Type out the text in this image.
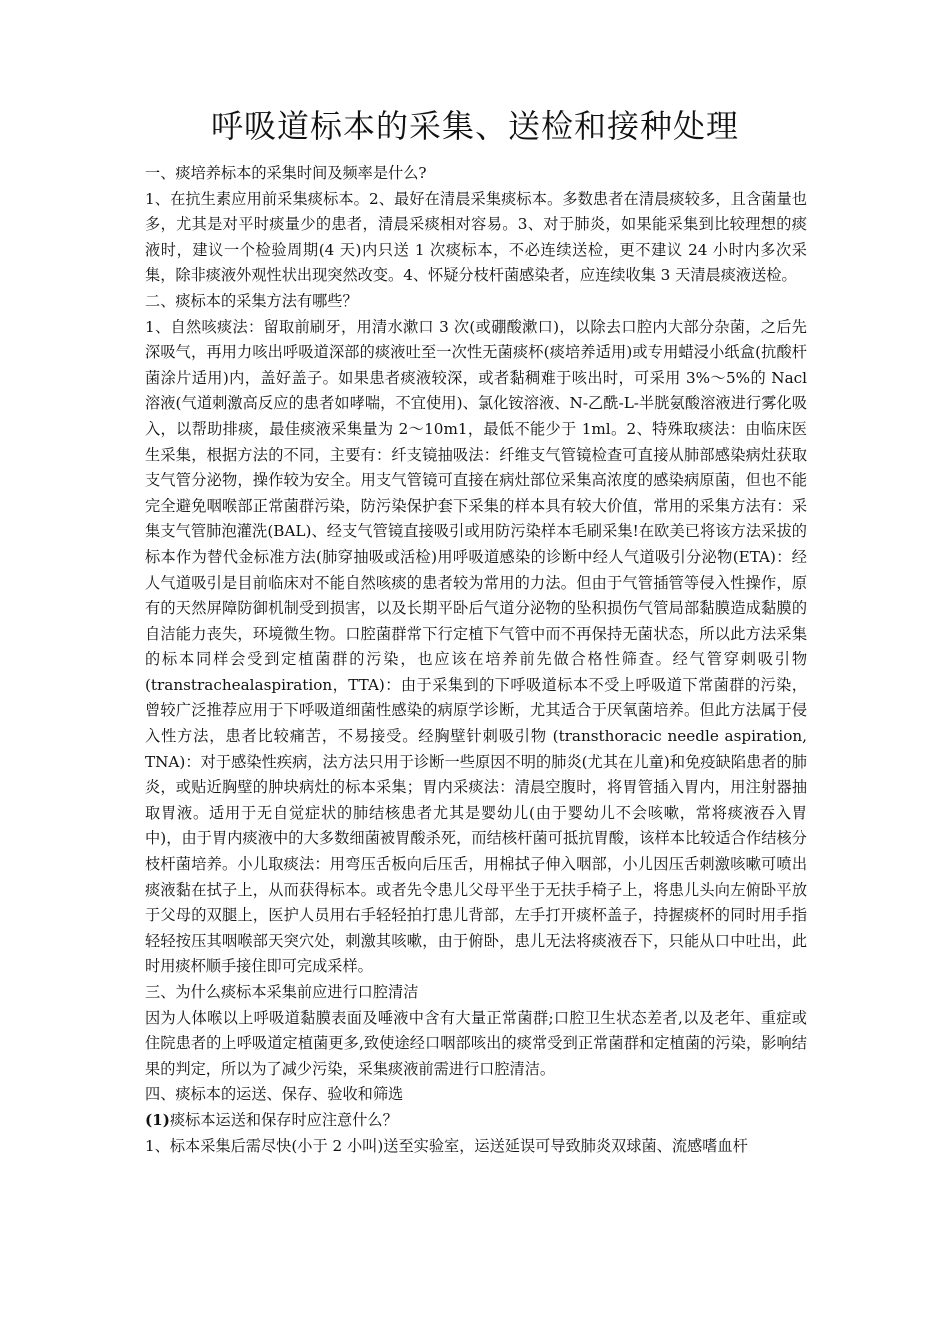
呼吸道标本的采集、送检和接种处理

一、痰培养标本的采集时间及频率是什么?

1、在抗生素应用前采集痰标本。2、最好在清晨采集痰标本。多数患者在清晨痰较多，且含菌量也多，尤其是对平时痰量少的患者，清晨采痰相对容易。3、对于肺炎，如果能采集到比较理想的痰液时，建议一个检验周期(4 天)内只送 1 次痰标本，不必连续送检，更不建议 24 小时内多次采集，除非痰液外观性状出现突然改变。4、怀疑分枝杆菌感染者，应连续收集 3 天清晨痰液送检。

二、痰标本的采集方法有哪些？

1、自然咳痰法：留取前刷牙，用清水漱口 3 次(或硼酸漱口)，以除去口腔内大部分杂菌，之后先深吸气，再用力咳出呼吸道深部的痰液吐至一次性无菌痰杯(痰培养适用)或专用蜡浸小纸盒(抗酸杆菌涂片适用)内，盖好盖子。如果患者痰液较深，或者黏稠难于咳出时，可采用 3%～5%的 Nacl 溶液(气道刺激高反应的患者如哮喘，不宜使用)、氯化铵溶液、N-乙酰-L-半胱氨酸溶液进行雾化吸入，以帮助排痰，最佳痰液采集量为 2～10m1，最低不能少于 1ml。2、特殊取痰法：由临床医生采集，根据方法的不同，主要有：纤支镜抽吸法：纤维支气管镜检查可直接从肺部感染病灶获取支气管分泌物，操作较为安全。用支气管镜可直接在病灶部位采集高浓度的感染病原菌，但也不能完全避免咽喉部正常菌群污染，防污染保护套下采集的样本具有较大价值，常用的采集方法有：采集支气管肺泡灌洗(BAL)、经支气管镜直接吸引或用防污染样本毛刷采集!在欧美已将该方法采拔的标本作为替代金标准方法(肺穿抽吸或活检)用呼吸道感染的诊断中经人气道吸引分泌物(ETA)：经人气道吸引是目前临床对不能自然咳痰的患者较为常用的力法。但由于气管插管等侵入性操作，原有的天然屏障防御机制受到损害，以及长期平卧后气道分泌物的坠积损伤气管局部黏膜造成黏膜的自洁能力丧失，环境微生物。口腔菌群常下行定植下气管中而不再保持无菌状态，所以此方法采集的标本同样会受到定植菌群的污染，也应该在培养前先做合格性筛查。经气管穿刺吸引物(transtrachealaspiration，TTA)：由于采集到的下呼吸道标本不受上呼吸道下常菌群的污染，曾较广泛推荐应用于下呼吸道细菌性感染的病原学诊断，尤其适合于厌氧菌培养。但此方法属于侵入性方法，患者比较痛苦，不易接受。经胸壁针刺吸引物 (transthoracic needle aspiration, TNA)：对于感染性疾病，法方法只用于诊断一些原因不明的肺炎(尤其在儿童)和免疫缺陷患者的肺炎，或贴近胸壁的肿块病灶的标本采集；胃内采痰法：清晨空腹时，将胃管插入胃内，用注射器抽取胃液。适用于无自觉症状的肺结核患者尤其是婴幼儿(由于婴幼儿不会咳嗽，常将痰液吞入胃中)，由于胃内痰液中的大多数细菌被胃酸杀死，而结核杆菌可抵抗胃酸，该样本比较适合作结核分枝杆菌培养。小儿取痰法：用弯压舌板向后压舌，用棉拭子伸入咽部，小儿因压舌刺激咳嗽可喷出痰液黏在拭子上，从而获得标本。或者先令患儿父母平坐于无扶手椅子上，将患儿头向左俯卧平放于父母的双腿上，医护人员用右手轻轻拍打患儿背部，左手打开痰杯盖子，持握痰杯的同时用手指轻轻按压其咽喉部天突穴处，刺激其咳嗽，由于俯卧，患儿无法将痰液吞下，只能从口中吐出，此时用痰杯顺手接住即可完成采样。

三、为什么痰标本采集前应进行口腔清洁

因为人体喉以上呼吸道黏膜表面及唾液中含有大量正常菌群;口腔卫生状态差者,以及老年、重症或住院患者的上呼吸道定植菌更多,致使途经口咽部咳出的痰常受到正常菌群和定植菌的污染，影响结果的判定，所以为了减少污染，采集痰液前需进行口腔清洁。

四、痰标本的运送、保存、验收和筛选

(1)痰标本运送和保存时应注意什么？

1、标本采集后需尽快(小于 2 小叫)送至实验室，运送延误可导致肺炎双球菌、流感嗜血杆
